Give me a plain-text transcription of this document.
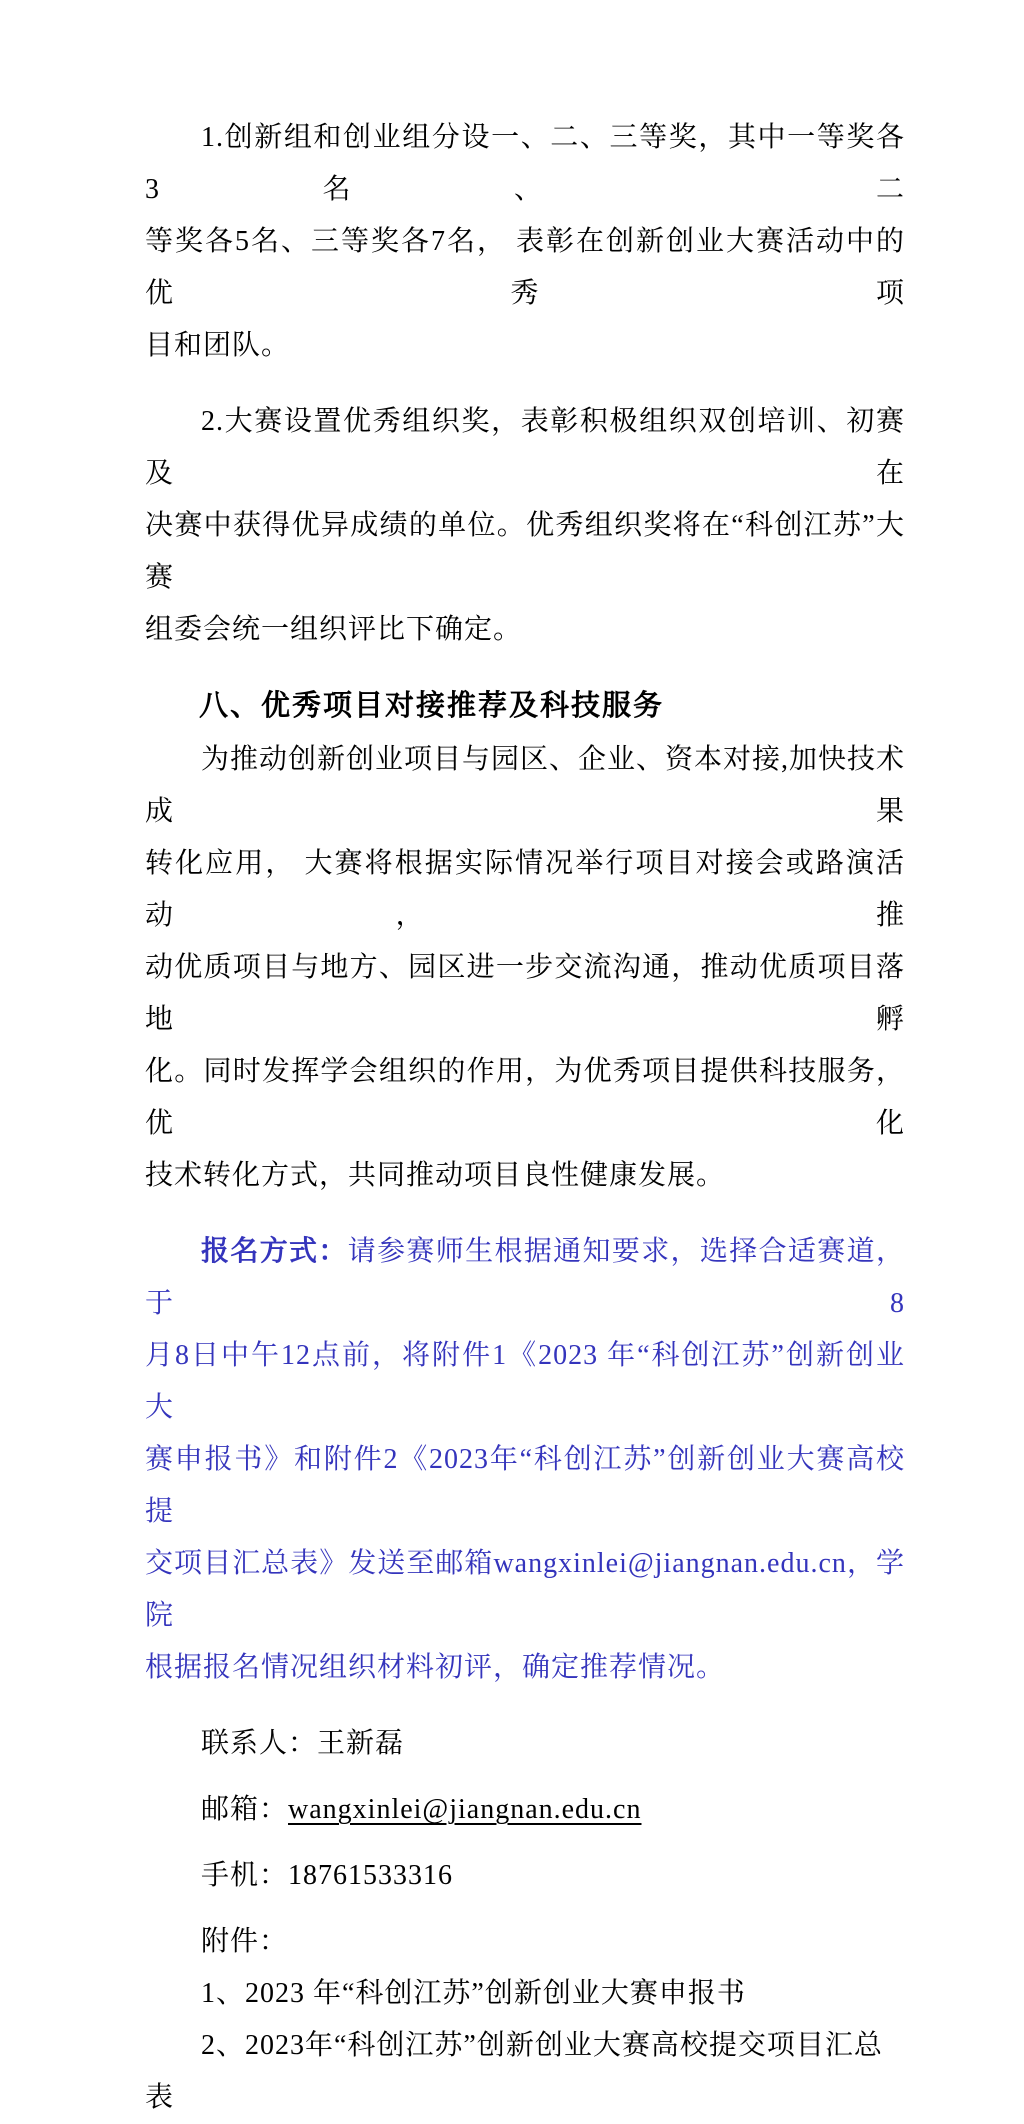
1.创新组和创业组分设一、二、三等奖，其中一等奖各3名、 二
等奖各5名、三等奖各7名， 表彰在创新创业大赛活动中的优秀项
目和团队。
2.大赛设置优秀组织奖，表彰积极组织双创培训、初赛及在
决赛中获得优异成绩的单位。优秀组织奖将在“科创江苏”大赛
组委会统一组织评比下确定。
八、优秀项目对接推荐及科技服务
为推动创新创业项目与园区、企业、资本对接,加快技术成 果
转化应用， 大赛将根据实际情况举行项目对接会或路演活动， 推
动优质项目与地方、园区进一步交流沟通，推动优质项目落地 孵
化。同时发挥学会组织的作用，为优秀项目提供科技服务， 优化
技术转化方式，共同推动项目良性健康发展。
报名方式：请参赛师生根据通知要求，选择合适赛道，于8
月8日中午12点前，将附件1《2023 年“科创江苏”创新创业大
赛申报书》和附件2《2023年“科创江苏”创新创业大赛高校提
交项目汇总表》发送至邮箱wangxinlei@jiangnan.edu.cn，学院
根据报名情况组织材料初评，确定推荐情况。
联系人：王新磊
邮箱：wangxinlei@jiangnan.edu.cn
手机：18761533316
附件：
1、2023 年“科创江苏”创新创业大赛申报书
2、2023年“科创江苏”创新创业大赛高校提交项目汇总表
